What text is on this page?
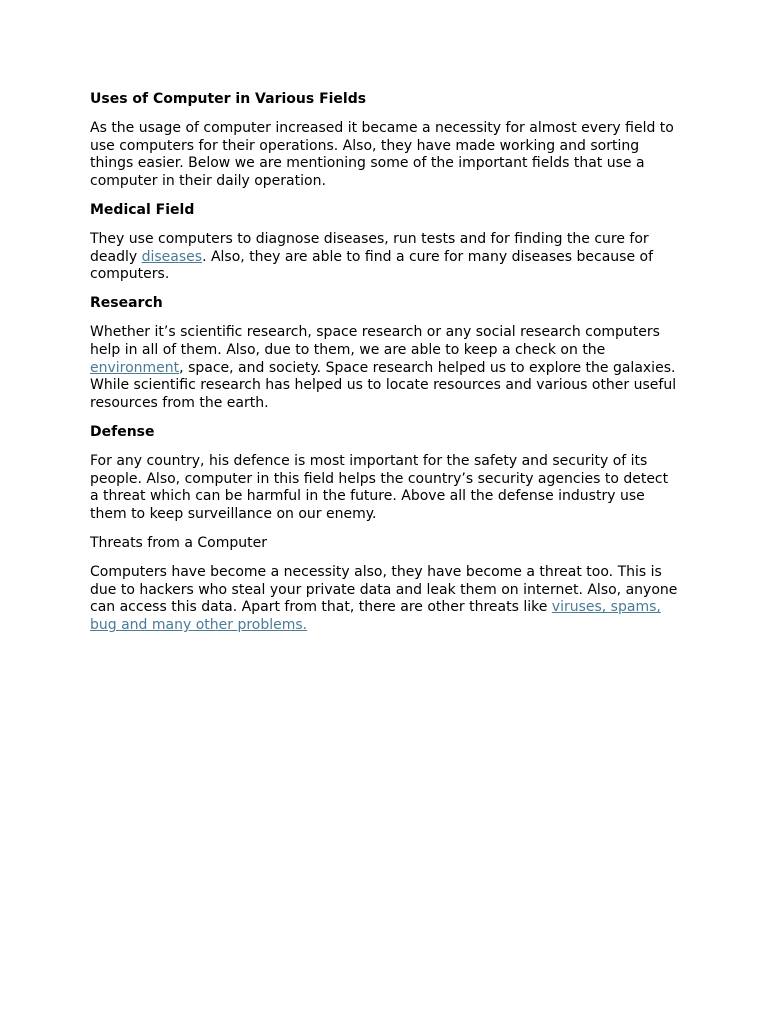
Uses of Computer in Various Fields

As the usage of computer increased it became a necessity for almost every field to use computers for their operations. Also, they have made working and sorting things easier. Below we are mentioning some of the important fields that use a computer in their daily operation.

Medical Field

They use computers to diagnose diseases, run tests and for finding the cure for deadly diseases. Also, they are able to find a cure for many diseases because of computers.

Research

Whether it’s scientific research, space research or any social research computers help in all of them. Also, due to them, we are able to keep a check on the environment, space, and society. Space research helped us to explore the galaxies. While scientific research has helped us to locate resources and various other useful resources from the earth.

Defense

For any country, his defence is most important for the safety and security of its people. Also, computer in this field helps the country’s security agencies to detect a threat which can be harmful in the future. Above all the defense industry use them to keep surveillance on our enemy.

Threats from a Computer

Computers have become a necessity also, they have become a threat too. This is due to hackers who steal your private data and leak them on internet. Also, anyone can access this data. Apart from that, there are other threats like viruses, spams, bug and many other problems.
